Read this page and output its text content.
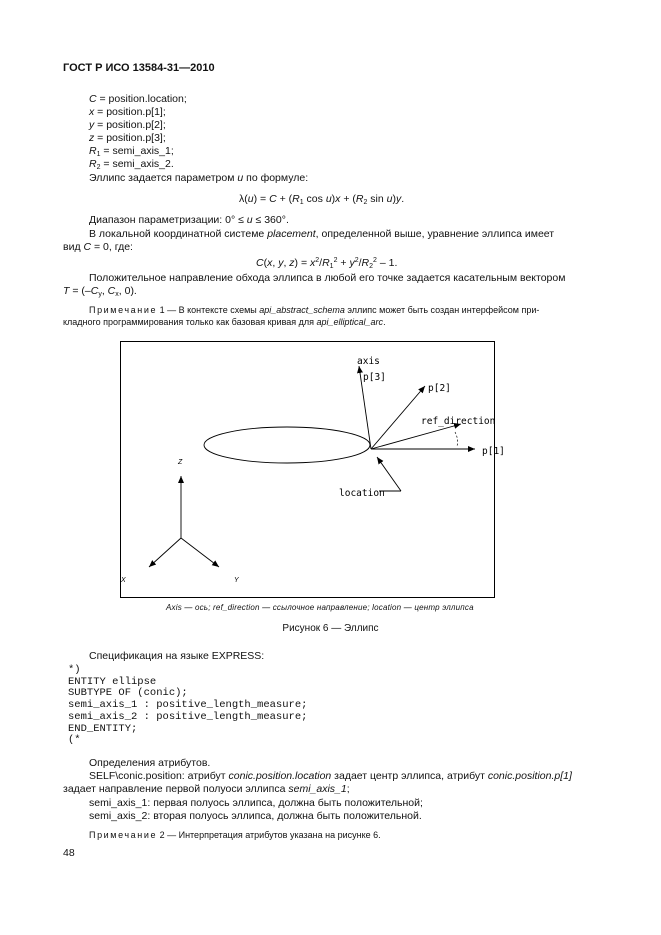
ГОСТ Р ИСО 13584-31—2010
C = position.location;
x = position.p[1];
y = position.p[2];
z = position.p[3];
$R_1$ = semi_axis_1;
$R_2$ = semi_axis_2.
Эллипс задается параметром u по формуле:
$\lambda(u) = C + (R_1$ $\cos u)x + (R_2$ sin u)y.
Диапазон параметризации: 0° ≤ u ≤ 360°.
В локальной координатной системе placement, определенной выше, уравнение эллипса имеет
вид C = 0, где:
C(x, y, $z) = x^2/R_1^2 + y^2/R_2^2 - 1$.
Положительное направление обхода эллипса в любой его точке задается касательным вектором
$T = (-C_y$, $C_x$, 0).
Примечание 1 — В контексте схемы api_abstract_schema эллипс может быть создан интерфейсом при-
кладного программирования только как базовая кривая для api_elliptical_arc.
axis
p[3]
p[2]
ref_direction
p[1]
location
Z
X	Y
Axis — ось; ref_direction — ссылочное направление; location — центр эллипса
Рисунок 6 — Эллипс
Спецификация на языке EXPRESS:
*)
ENTITY ellipse
SUBTYPE OF (conic);
semi_axis_1 : positive_length_measure;
semi_axis_2 : positive_length_measure;
END_ENTITY;
(*
Определения атрибутов.
SELF\conic.position: атрибут conic.position.location задает центр эллипса, атрибут conic.position.p[1]
задает направление первой полуоси эллипса semi_axis_1;
semi_axis_1: первая полуось эллипса, должна быть положительной;
semi_axis_2: вторая полуось эллипса, должна быть положительной.
Примечание 2 — Интерпретация атрибутов указана на рисунке 6.
48
